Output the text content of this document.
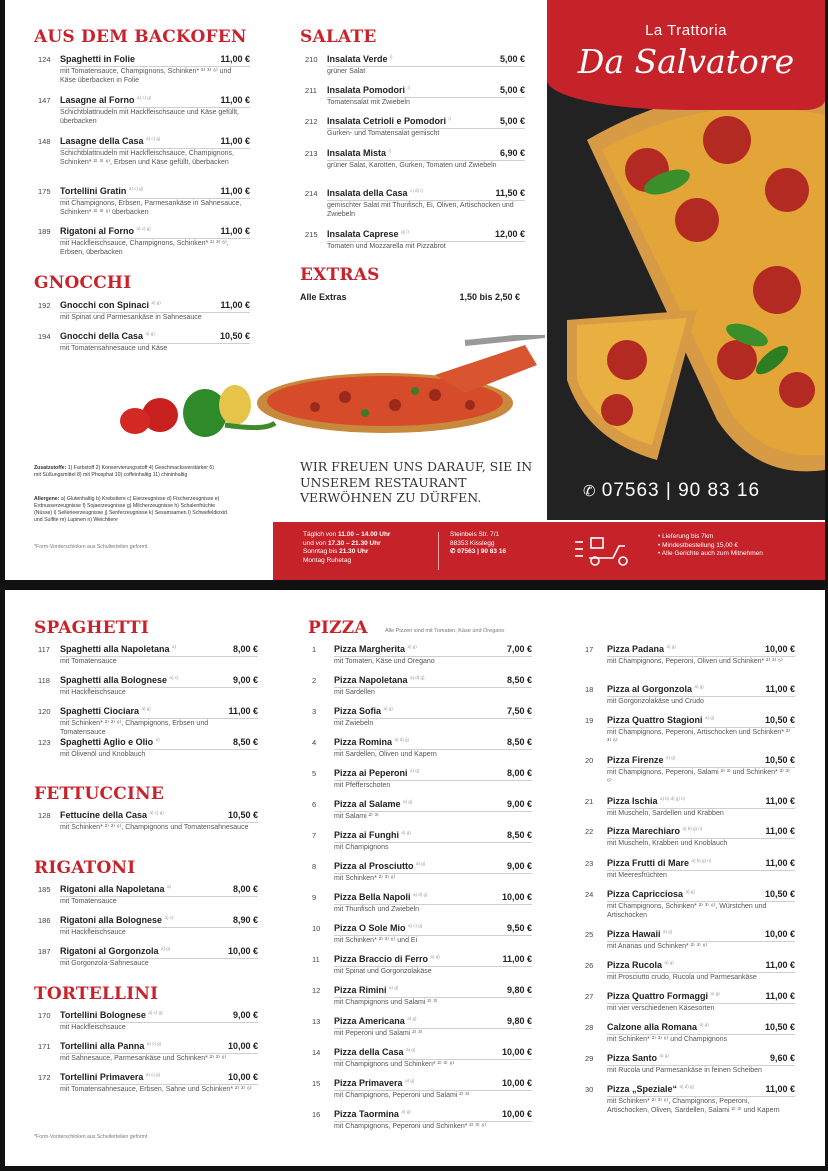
AUS DEM BACKOFEN
124	Spaghetti in Folie	11,00 €
mit Tomatensauce, Champignons, Schinken* ²⁾ ³⁾ ⁶⁾ und Käse überbacken in Folie
147	Lasagne al Forno $^{a) c) g)}$	11,00 €
Schichtblattnudeln mit Hackfleischsauce und Käse gefüllt, überbacken
148	Lasagne della Casa $^{a) c) g)}$	11,00 €
Schichtblattnudeln mit Hackfleischsauce, Champignons, Schinken* ²⁾ ³⁾ ⁶⁾, Erbsen und Käse gefüllt, überbacken
175	Tortellini Gratin $^{a) c) g)}$	11,00 €
mit Champignons, Erbsen, Parmesankäse in Sahnesauce, Schinken* ²⁾ ³⁾ ⁶⁾ überbacken
189	Rigatoni al Forno $^{a) c) g)}$	11,00 €
mit Hackfleischsauce, Champignons, Schinken* ²⁾ ³⁾ ⁶⁾, Erbsen, überbacken
GNOCCHI
192	Gnocchi con Spinaci $^{a) g)}$	11,00 €
mit Spinat und Parmesankäse in Sahnesauce
194	Gnocchi della Casa $^{a) g)}$	10,50 €
mit Tomatensahnesauce und Käse
SALATE
210	Insalata Verde $^{i)}$	5,00 €
grüner Salat
211	Insalata Pomodori $^{i)}$	5,00 €
Tomatensalat mit Zwiebeln
212	Insalata Cetrioli e Pomodori $^{i)}$	5,00 €
Gurken- und Tomatensalat gemischt
213	Insalata Mista $^{i)}$	6,90 €
grüner Salat, Karotten, Gurken, Tomaten und Zwiebeln
214	Insalata della Casa $^{c) d) i)}$	11,50 €
gemischter Salat mit Thunfisch, Ei, Oliven, Artischocken und Zwiebeln
215	Insalata Caprese $^{g) i)}$	12,00 €
Tomaten und Mozzarella mit Pizzabrot
EXTRAS
Alle Extras	1,50 bis 2,50 €
Zusatzstoffe: 1) Farbstoff 2) Konservierungsstoff 4) Geschmacksverstärker 6) mit Süßungsmittel 8) mit Phosphat 10) coffeinhaltig 11) chininhaltig
Allergene: a) Glutenhaltig b) Krebstiere c) Eierzeugnisse d) Fischerzeugnisse e) Erdnusserzeugnisse f) Sojaerzeugnisse g) Milcherzeugnisse h) Schalenfrüchte (Nüsse) i) Sellerieerzeugnisse j) Senferzeugnisse k) Sesamsamen l) Schwefeldioxid und Sulfite m) Lupinen n) Weichtiere
*Form-Vorderschinken aus Schulterteilen geformt
WIR FREUEN UNS DARAUF, SIE IN UNSEREM RESTAURANT VERWÖHNEN ZU DÜRFEN.
La Trattoria
Da Salvatore
✆ 07563 | 90 83 16
Täglich von 11.00 – 14.00 Uhr
und von 17.30 – 21.30 Uhr
Sonntag bis 21.30 Uhr
Montag Ruhetag
Steinbeis Str. 7/1
88353 Kisslegg
✆ 07563 | 90 83 16
• Lieferung bis 7km
• Mindestbestellung 15,00 €
• Alle Gerichte auch zum Mitnehmen
SPAGHETTI
117	Spaghetti alla Napoletana $^{a)}$	8,00 €
mit Tomatensauce
118	Spaghetti alla Bolognese $^{a) c)}$	9,00 €
mit Hackfleischsauce
120	Spaghetti Ciociara $^{a) g)}$	11,00 €
mit Schinken* ²⁾ ³⁾ ⁶⁾, Champignons, Erbsen und Tomatensauce
123	Spaghetti Aglio e Olio $^{a)}$	8,50 €
mit Olivenöl und Knoblauch
FETTUCCINE
128	Fettucine della Casa $^{a) c) g)}$	10,50 €
mit Schinken* ²⁾ ³⁾ ⁶⁾, Champignons und Tomatensahnesauce
RIGATONI
185	Rigatoni alla Napoletana $^{a)}$	8,00 €
mit Tomatensauce
186	Rigatoni alla Bolognese $^{a) c)}$	8,90 €
mit Hackfleischsauce
187	Rigatoni al Gorgonzola $^{a) g)}$	10,00 €
mit Gorgonzola-Sahnesauce
TORTELLINI
170	Tortellini Bolognese $^{a) c) g)}$	9,00 €
mit Hackfleischsauce
171	Tortellini alla Panna $^{a) c) g)}$	10,00 €
mit Sahnesauce, Parmesankäse und Schinken* ²⁾ ³⁾ ⁶⁾
172	Tortellini Primavera $^{a) c) g)}$	10,00 €
mit Tomatensahnesauce, Erbsen, Sahne und Schinken* ²⁾ ³⁾ ⁶⁾
*Form-Vorderschinken aus Schulterteilen geformt
PIZZA	Alle Pizzen sind mit Tomaten, Käse und Oregano
1	Pizza Margherita $^{a) g)}$	7,00 €
mit Tomaten, Käse und Oregano
2	Pizza Napoletana $^{a) d) g)}$	8,50 €
mit Sardellen
3	Pizza Sofia $^{a) g)}$	7,50 €
mit Zwiebeln
4	Pizza Romina $^{a) d) g)}$	8,50 €
mit Sardellen, Oliven und Kapern
5	Pizza ai Peperoni $^{a) g)}$	8,00 €
mit Pfefferschoten
6	Pizza al Salame $^{a) g)}$	9,00 €
mit Salami ²⁾ ³⁾
7	Pizza ai Funghi $^{a) g)}$	8,50 €
mit Champignons
8	Pizza al Prosciutto $^{a) g)}$	9,00 €
mit Schinken* ²⁾ ³⁾ ⁶⁾
9	Pizza Bella Napoli $^{a) d) g)}$	10,00 €
mit Thunfisch und Zwiebeln
10	Pizza O Sole Mio $^{a) c) g)}$	9,50 €
mit Schinken* ²⁾ ³⁾ ⁶⁾ und Ei
11	Pizza Braccio di Ferro $^{a) g)}$	11,00 €
mit Spinat und Gorgonzolakäse
12	Pizza Rimini $^{a) g)}$	9,80 €
mit Champignons und Salami ²⁾ ³⁾
13	Pizza Americana $^{a) g)}$	9,80 €
mit Peperoni und Salami ²⁾ ³⁾
14	Pizza della Casa $^{a) g)}$	10,00 €
mit Champignons und Schinken* ²⁾ ³⁾ ⁶⁾
15	Pizza Primavera $^{a) g)}$	10,00 €
mit Champignons, Peperoni und Salami ²⁾ ³⁾
16	Pizza Taormina $^{a) g)}$	10,00 €
mit Champignons, Peperoni und Schinken* ²⁾ ³⁾ ⁶⁾
17	Pizza Padana $^{a) g)}$	10,00 €
mit Champignons, Peperoni, Oliven und Schinken* ²⁾ ³⁾ ⁶⁾
18	Pizza al Gorgonzola $^{a) g)}$	11,00 €
mit Gorgonzolakäse und Crudo
19	Pizza Quattro Stagioni $^{a) g)}$	10,50 €
mit Champignons, Peperoni, Artischocken und Schinken* ²⁾ ³⁾ ⁶⁾
20	Pizza Firenze $^{a) g)}$	10,50 €
mit Champignons, Peperoni, Salami ²⁾ ³⁾ und Schinken* ²⁾ ³⁾ ⁶⁾
21	Pizza Ischia $^{a) b) d) g) n)}$	11,00 €
mit Muscheln, Sardellen und Krabben
22	Pizza Marechiaro $^{a) b) g) n)}$	11,00 €
mit Muscheln, Krabben und Knoblauch
23	Pizza Frutti di Mare $^{a) b) g) n)}$	11,00 €
mit Meeresfrüchten
24	Pizza Capricciosa $^{a) g)}$	10,50 €
mit Champignons, Schinken* ²⁾ ³⁾ ⁶⁾, Würstchen und Artischocken
25	Pizza Hawaii $^{a) g)}$	10,00 €
mit Ananas und Schinken* ²⁾ ³⁾ ⁶⁾
26	Pizza Rucola $^{a) g)}$	11,00 €
mit Prosciutto crudo, Rucola und Parmesankäse
27	Pizza Quattro Formaggi $^{a) g)}$	11,00 €
mit vier verschiedenen Käsesorten
28	Calzone alla Romana $^{a) g)}$	10,50 €
mit Schinken* ²⁾ ³⁾ ⁶⁾ und Champignons
29	Pizza Santo $^{a) g)}$	9,60 €
mit Rucola und Parmesankäse in feinen Scheiben
30	Pizza „Speziale“ $^{a) d) g)}$	11,00 €
mit Schinken* ²⁾ ³⁾ ⁶⁾, Champignons, Peperoni, Artischocken, Oliven, Sardellen, Salami ²⁾ ³⁾ und Kapern
